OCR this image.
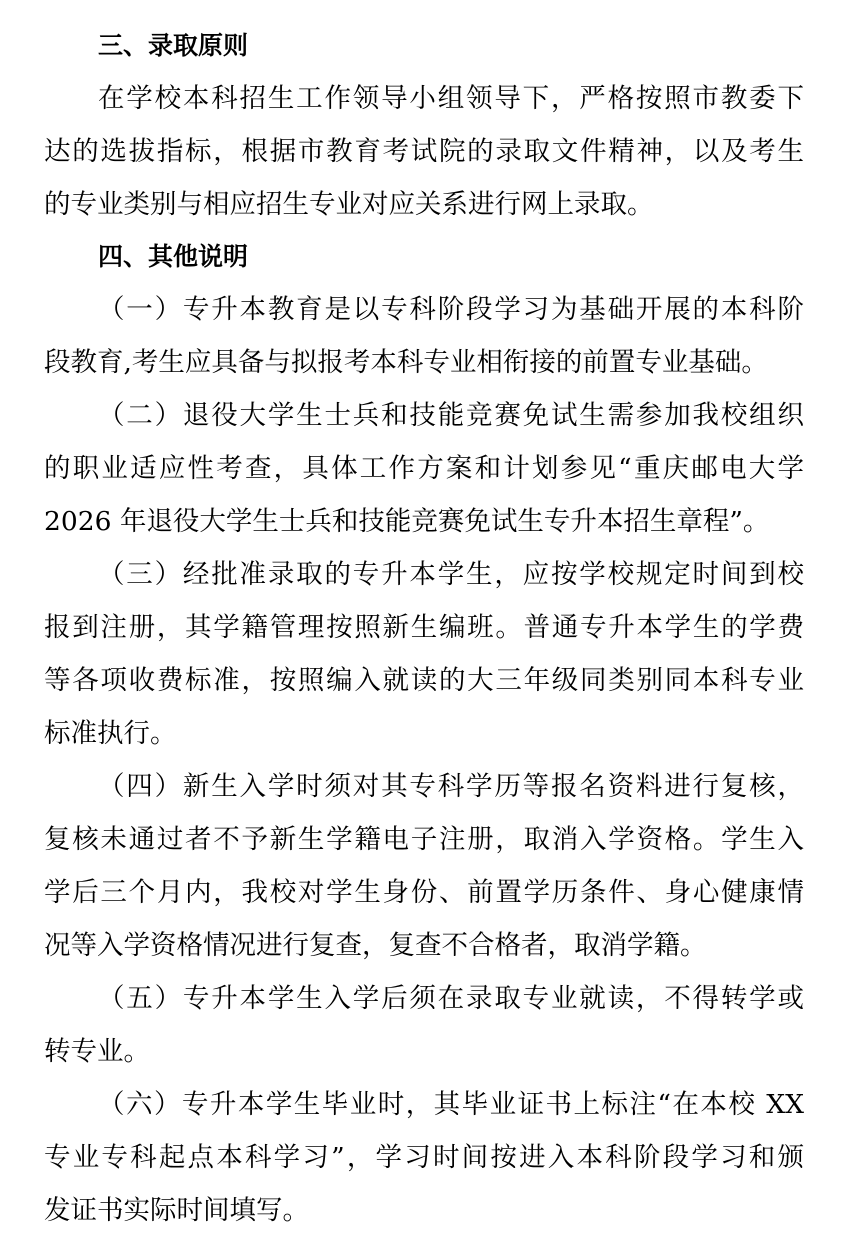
三、录取原则
在学校本科招生工作领导小组领导下，严格按照市教委下
达的选拔指标，根据市教育考试院的录取文件精神，以及考生
的专业类别与相应招生专业对应关系进行网上录取。
四、其他说明
（一）专升本教育是以专科阶段学习为基础开展的本科阶
段教育,考生应具备与拟报考本科专业相衔接的前置专业基础。
（二）退役大学生士兵和技能竞赛免试生需参加我校组织
的职业适应性考查，具体工作方案和计划参见“重庆邮电大学
2026 年退役大学生士兵和技能竞赛免试生专升本招生章程”。
（三）经批准录取的专升本学生，应按学校规定时间到校
报到注册，其学籍管理按照新生编班。普通专升本学生的学费
等各项收费标准，按照编入就读的大三年级同类别同本科专业
标准执行。
（四）新生入学时须对其专科学历等报名资料进行复核，
复核未通过者不予新生学籍电子注册，取消入学资格。学生入
学后三个月内，我校对学生身份、前置学历条件、身心健康情
况等入学资格情况进行复查，复查不合格者，取消学籍。
（五）专升本学生入学后须在录取专业就读，不得转学或
转专业。
（六）专升本学生毕业时，其毕业证书上标注“在本校 XX
专业专科起点本科学习”，学习时间按进入本科阶段学习和颁
发证书实际时间填写。
